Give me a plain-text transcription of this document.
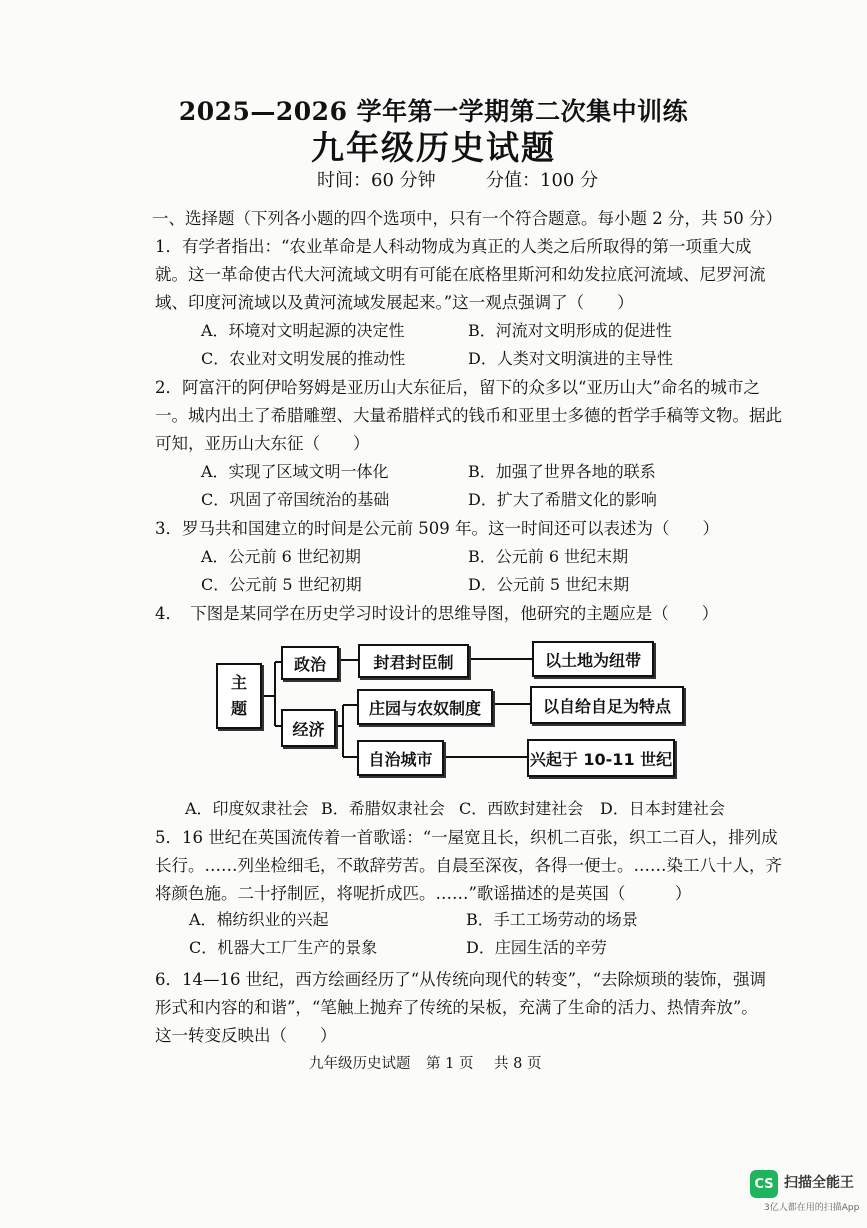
2025—2026 学年第一学期第二次集中训练
九年级历史试题
时间：60 分钟	分值：100 分
一、选择题（下列各小题的四个选项中，只有一个符合题意。每小题 2 分，共 50 分）
1．有学者指出：“农业革命是人科动物成为真正的人类之后所取得的第一项重大成
就。这一革命使古代大河流域文明有可能在底格里斯河和幼发拉底河流域、尼罗河流
域、印度河流域以及黄河流域发展起来。”这一观点强调了（　　）
A．环境对文明起源的决定性	B．河流对文明形成的促进性
C．农业对文明发展的推动性	D．人类对文明演进的主导性
2．阿富汗的阿伊哈努姆是亚历山大东征后，留下的众多以“亚历山大”命名的城市之
一。城内出土了希腊雕塑、大量希腊样式的钱币和亚里士多德的哲学手稿等文物。据此
可知，亚历山大东征（　　）
A．实现了区域文明一体化	B．加强了世界各地的联系
C．巩固了帝国统治的基础	D．扩大了希腊文化的影响
3．罗马共和国建立的时间是公元前 509 年。这一时间还可以表述为（　　）
A．公元前 6 世纪初期	B．公元前 6 世纪末期
C．公元前 5 世纪初期	D．公元前 5 世纪末期
4．　下图是某同学在历史学习时设计的思维导图，他研究的主题应是（　　）
主
题
政治
经济
封君封臣制	以土地为纽带
庄园与农奴制度	以自给自足为特点
自治城市	兴起于 10-11 世纪
A．印度奴隶社会 B．希腊奴隶社会 C．西欧封建社会 D．日本封建社会
5．16 世纪在英国流传着一首歌谣：“一屋宽且长，织机二百张，织工二百人，排列成
长行。……列坐检细毛，不敢辞劳苦。自晨至深夜，各得一便士。……染工八十人，齐
将颜色施。二十抒制匠，将呢折成匹。……”歌谣描述的是英国（　　　）
A．棉纺织业的兴起	B．手工工场劳动的场景
C．机器大工厂生产的景象	D．庄园生活的辛劳
6．14—16 世纪，西方绘画经历了“从传统向现代的转变”，“去除烦琐的装饰，强调
形式和内容的和谐”，“笔触上抛弃了传统的呆板，充满了生命的活力、热情奔放”。
这一转变反映出（　　）
九年级历史试题 第 1 页 共 8 页
CS 扫描全能王
3亿人都在用的扫描App
